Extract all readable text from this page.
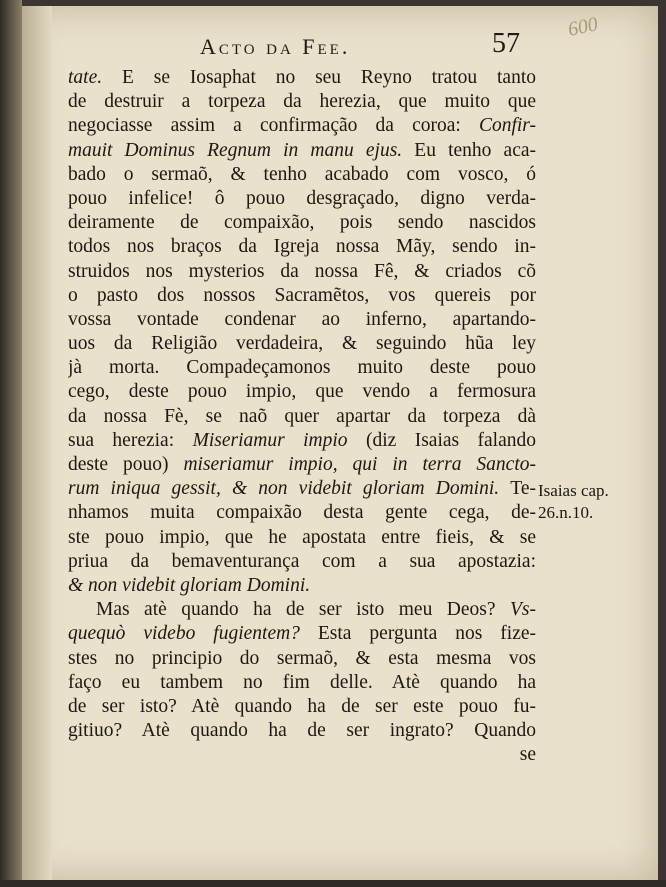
Acto da Fee.	57
600
tate. E se Iosaphat no seu Reyno tratou tanto
de destruir a torpeza da herezia, que muito que
negociasse assim a confirmação da coroa: Confir-
mauit Dominus Regnum in manu ejus. Eu tenho aca-
bado o sermaõ, & tenho acabado com vosco, ó
pouo infelice! ô pouo desgraçado, digno verda-
deiramente de compaixão, pois sendo nascidos
todos nos braços da Igreja nossa Mãy, sendo in-
struidos nos mysterios da nossa Fê, & criados cõ
o pasto dos nossos Sacramẽtos, vos quereis por
vossa vontade condenar ao inferno, apartando-
uos da Religião verdadeira, & seguindo hũa ley
jà morta. Compadeçamonos muito deste pouo
cego, deste pouo impio, que vendo a fermosura
da nossa Fè, se naõ quer apartar da torpeza dà
sua herezia: Miseriamur impio (diz Isaias falando
deste pouo) miseriamur impio, qui in terra Sancto-
rum iniqua gessit, & non videbit gloriam Domini. Te-
nhamos muita compaixão desta gente cega, de-
ste pouo impio, que he apostata entre fieis, & se
priua da bemaventurança com a sua apostazia:
& non videbit gloriam Domini.
Mas atè quando ha de ser isto meu Deos? Vs-
quequò videbo fugientem? Esta pergunta nos fize-
stes no principio do sermaõ, & esta mesma vos
faço eu tambem no fim delle. Atè quando ha
de ser isto? Atè quando ha de ser este pouo fu-
gitiuo? Atè quando ha de ser ingrato? Quando
se
Isaias cap.
26.n.10.
